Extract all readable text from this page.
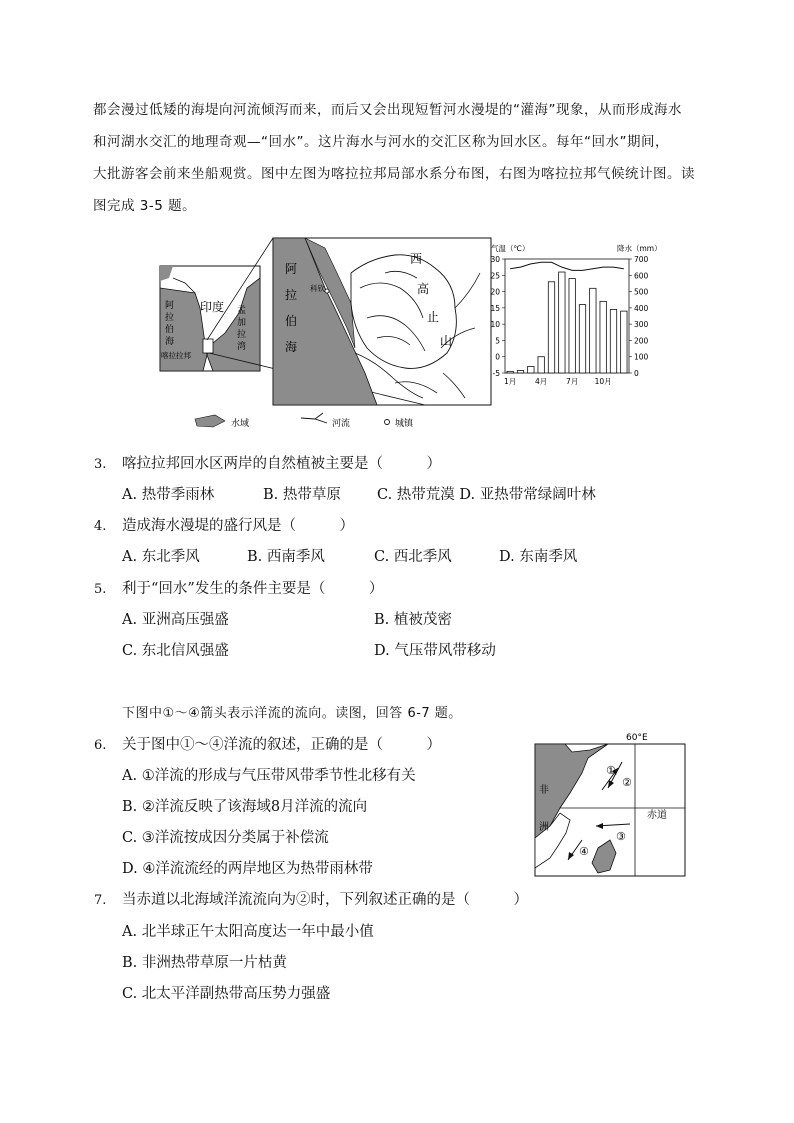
都会漫过低矮的海堤向河流倾泻而来，而后又会出现短暂河水漫堤的“灌海”现象，从而形成海水
和河湖水交汇的地理奇观—“回水”。这片海水与河水的交汇区称为回水区。每年“回水”期间，
大批游客会前来坐船观赏。图中左图为喀拉拉邦局部水系分布图，右图为喀拉拉邦气候统计图。读
图完成 3-5 题。
印度
阿
拉
伯
海
孟
加
拉
湾
喀拉拉邦
阿
拉
伯
海
科钦
西
高
止
山
气温（℃）	降水（mm）
30
25
20
15
10
5
0
-5
700
600
500
400
300
200
100
0
1月 4月 7月 10月
水域	河流	城镇
3. 喀拉拉邦回水区两岸的自然植被主要是（　　　）
A. 热带季雨林	B. 热带草原 C. 热带荒漠 D. 亚热带常绿阔叶林
4. 造成海水漫堤的盛行风是（　　　）
A. 东北季风	B. 西南季风	C. 西北季风	D. 东南季风
5. 利于“回水”发生的条件主要是（　　　）
A. 亚洲高压强盛	B. 植被茂密
C. 东北信风强盛	D. 气压带风带移动
下图中①～④箭头表示洋流的流向。读图，回答 6-7 题。
6. 关于图中①～④洋流的叙述，正确的是（　　　）
A. ①洋流的形成与气压带风带季节性北移有关
B. ②洋流反映了该海域8月洋流的流向
C. ③洋流按成因分类属于补偿流
D. ④洋流流经的两岸地区为热带雨林带
7. 当赤道以北海域洋流流向为②时，下列叙述正确的是（　　　）
A. 北半球正午太阳高度达一年中最小值
B. 非洲热带草原一片枯黄
C. 北太平洋副热带高压势力强盛
60°E
非
洲
赤道
①
②
③
④
